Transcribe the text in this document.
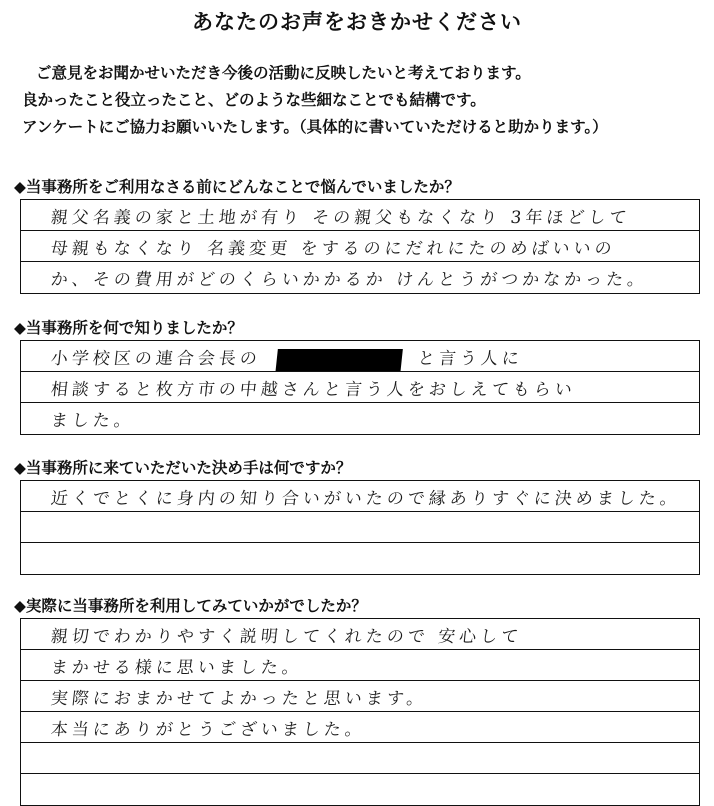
あなたのお声をおきかせください
ご意見をお聞かせいただき今後の活動に反映したいと考えております。
良かったこと役立ったこと、どのような些細なことでも結構です。
アンケートにご協力お願いいたします。（具体的に書いていただけると助かります。）
◆当事務所をご利用なさる前にどんなことで悩んでいましたか？
親父名義の家と土地が有り その親父もなくなり 3年ほどして
母親もなくなり 名義変更 をするのにだれにたのめばいいの
か、その費用がどのくらいかかるか けんとうがつかなかった。
◆当事務所を何で知りましたか？
小学校区の連合会長の	と言う人に
相談すると枚方市の中越さんと言う人をおしえてもらい
ました。
◆当事務所に来ていただいた決め手は何ですか？
近くでとくに身内の知り合いがいたので縁ありすぐに決めました。
◆実際に当事務所を利用してみていかがでしたか？
親切でわかりやすく説明してくれたので 安心して
まかせる様に思いました。
実際におまかせてよかったと思います。
本当にありがとうございました。
